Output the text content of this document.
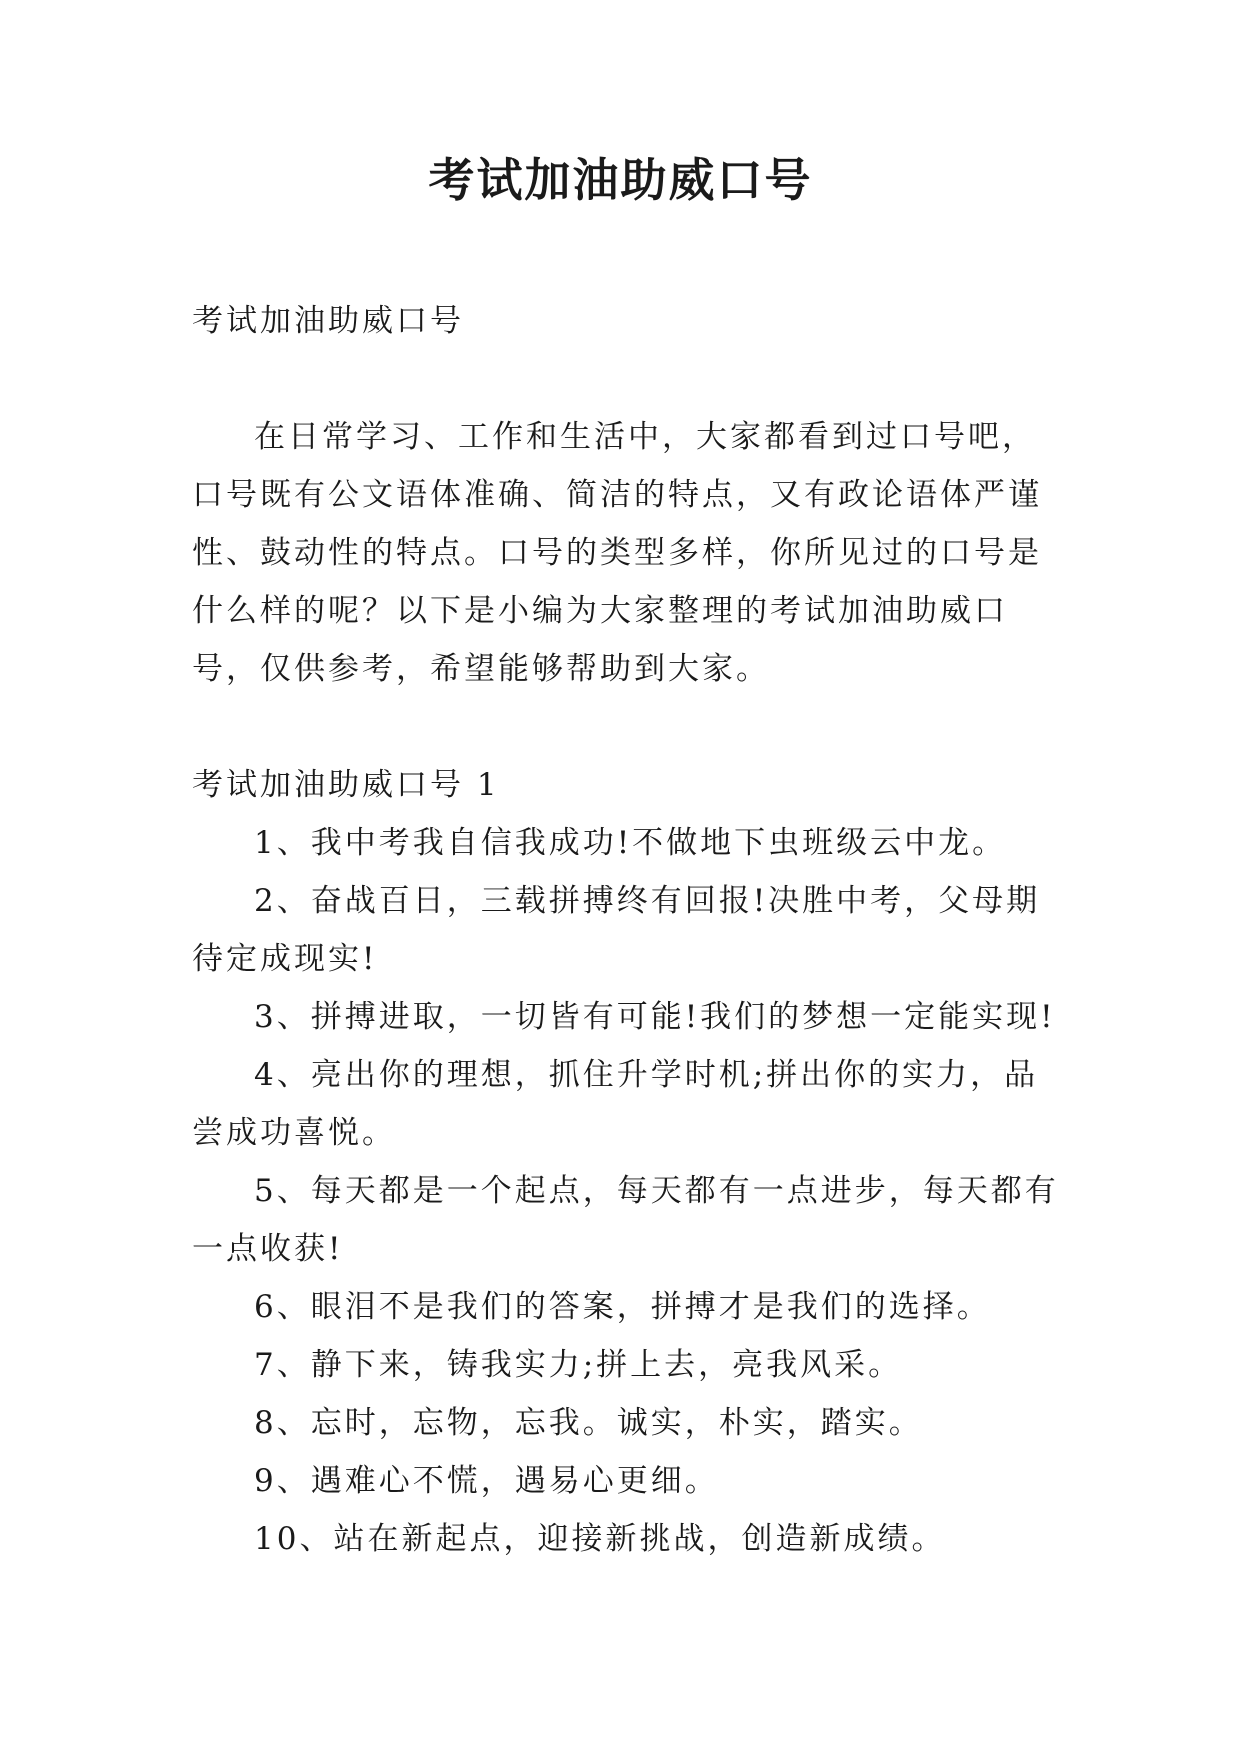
考试加油助威口号

考试加油助威口号

在日常学习、工作和生活中，大家都看到过口号吧，口号既有公文语体准确、简洁的特点，又有政论语体严谨性、鼓动性的特点。口号的类型多样，你所见过的口号是什么样的呢？以下是小编为大家整理的考试加油助威口号，仅供参考，希望能够帮助到大家。

考试加油助威口号 1

1、我中考我自信我成功!不做地下虫班级云中龙。

2、奋战百日，三载拼搏终有回报!决胜中考，父母期待定成现实!

3、拼搏进取，一切皆有可能!我们的梦想一定能实现!

4、亮出你的理想，抓住升学时机;拼出你的实力，品尝成功喜悦。

5、每天都是一个起点，每天都有一点进步，每天都有一点收获!

6、眼泪不是我们的答案，拼搏才是我们的选择。

7、静下来，铸我实力;拼上去，亮我风采。

8、忘时，忘物，忘我。诚实，朴实，踏实。

9、遇难心不慌，遇易心更细。

10、站在新起点，迎接新挑战，创造新成绩。
